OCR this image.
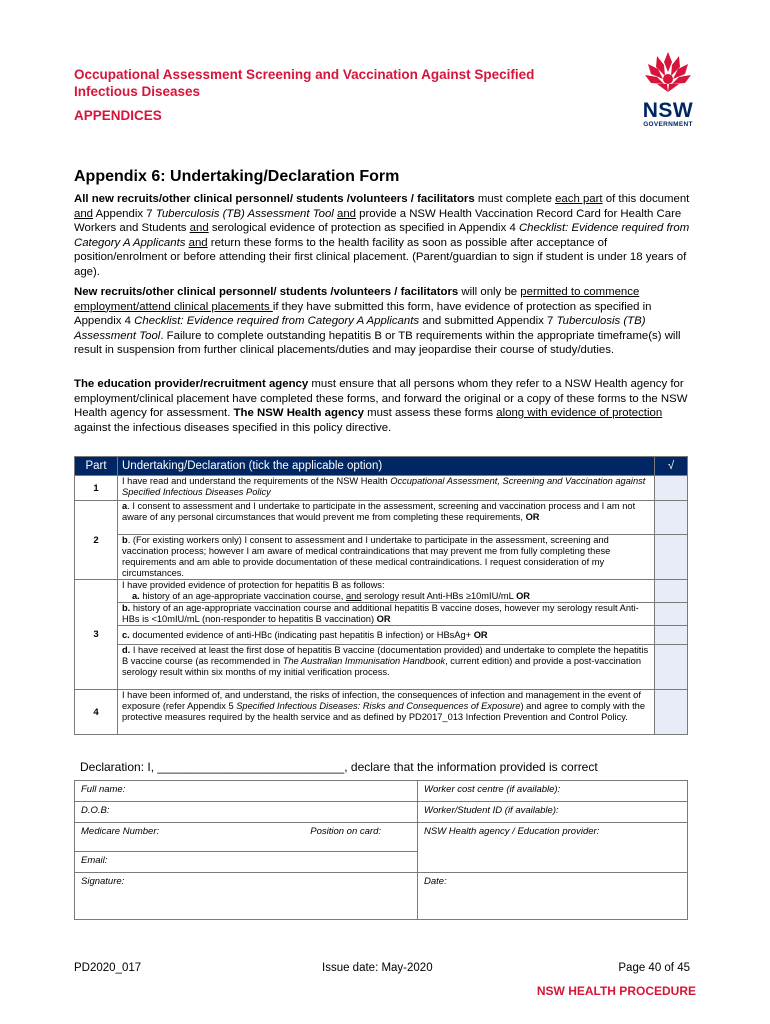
Occupational Assessment Screening and Vaccination Against Specified Infectious Diseases
APPENDICES	NSW
GOVERNMENT
Appendix 6: Undertaking/Declaration Form

All new recruits/other clinical personnel/ students /volunteers / facilitators must complete each part of this document and Appendix 7 Tuberculosis (TB) Assessment Tool and provide a NSW Health Vaccination Record Card for Health Care Workers and Students and serological evidence of protection as specified in Appendix 4 Checklist: Evidence required from Category A Applicants and return these forms to the health facility as soon as possible after acceptance of position/enrolment or before attending their first clinical placement. (Parent/guardian to sign if student is under 18 years of age).

New recruits/other clinical personnel/ students /volunteers / facilitators will only be permitted to commence employment/attend clinical placements if they have submitted this form, have evidence of protection as specified in Appendix 4 Checklist: Evidence required from Category A Applicants and submitted Appendix 7 Tuberculosis (TB) Assessment Tool. Failure to complete outstanding hepatitis B or TB requirements within the appropriate timeframe(s) will result in suspension from further clinical placements/duties and may jeopardise their course of study/duties.

The education provider/recruitment agency must ensure that all persons whom they refer to a NSW Health agency for employment/clinical placement have completed these forms, and forward the original or a copy of these forms to the NSW Health agency for assessment. The NSW Health agency must assess these forms along with evidence of protection against the infectious diseases specified in this policy directive.

Part	Undertaking/Declaration (tick the applicable option)	√
1	I have read and understand the requirements of the NSW Health Occupational Assessment, Screening and Vaccination against Specified Infectious Diseases Policy	
2	a. I consent to assessment and I undertake to participate in the assessment, screening and vaccination process and I am not aware of any personal circumstances that would prevent me from completing these requirements, OR	
	b. (For existing workers only) I consent to assessment and I undertake to participate in the assessment, screening and vaccination process; however I am aware of medical contraindications that may prevent me from fully completing these requirements and am able to provide documentation of these medical contraindications. I request consideration of my circumstances.	
3	I have provided evidence of protection for hepatitis B as follows:
a. history of an age-appropriate vaccination course, and serology result Anti-HBs ≥10mIU/mL OR	
	b. history of an age-appropriate vaccination course and additional hepatitis B vaccine doses, however my serology result Anti-HBs is <10mIU/mL (non-responder to hepatitis B vaccination) OR	
	c. documented evidence of anti-HBc (indicating past hepatitis B infection) or HBsAg+ OR	
	d. I have received at least the first dose of hepatitis B vaccine (documentation provided) and undertake to complete the hepatitis B vaccine course (as recommended in The Australian Immunisation Handbook, current edition) and provide a post-vaccination serology result within six months of my initial verification process.	
4	I have been informed of, and understand, the risks of infection, the consequences of infection and management in the event of exposure (refer Appendix 5 Specified Infectious Diseases: Risks and Consequences of Exposure) and agree to comply with the protective measures required by the health service and as defined by PD2017_013 Infection Prevention and Control Policy.	
Declaration: I, ____________________________, declare that the information provided is correct
Full name:	Worker cost centre (if available):
D.O.B:	Worker/Student ID (if available):
Medicare Number: Position on card:	NSW Health agency / Education provider:
Email:	
Signature:	Date:
PD2020_017	Issue date: May-2020	Page 40 of 45
NSW HEALTH PROCEDURE
